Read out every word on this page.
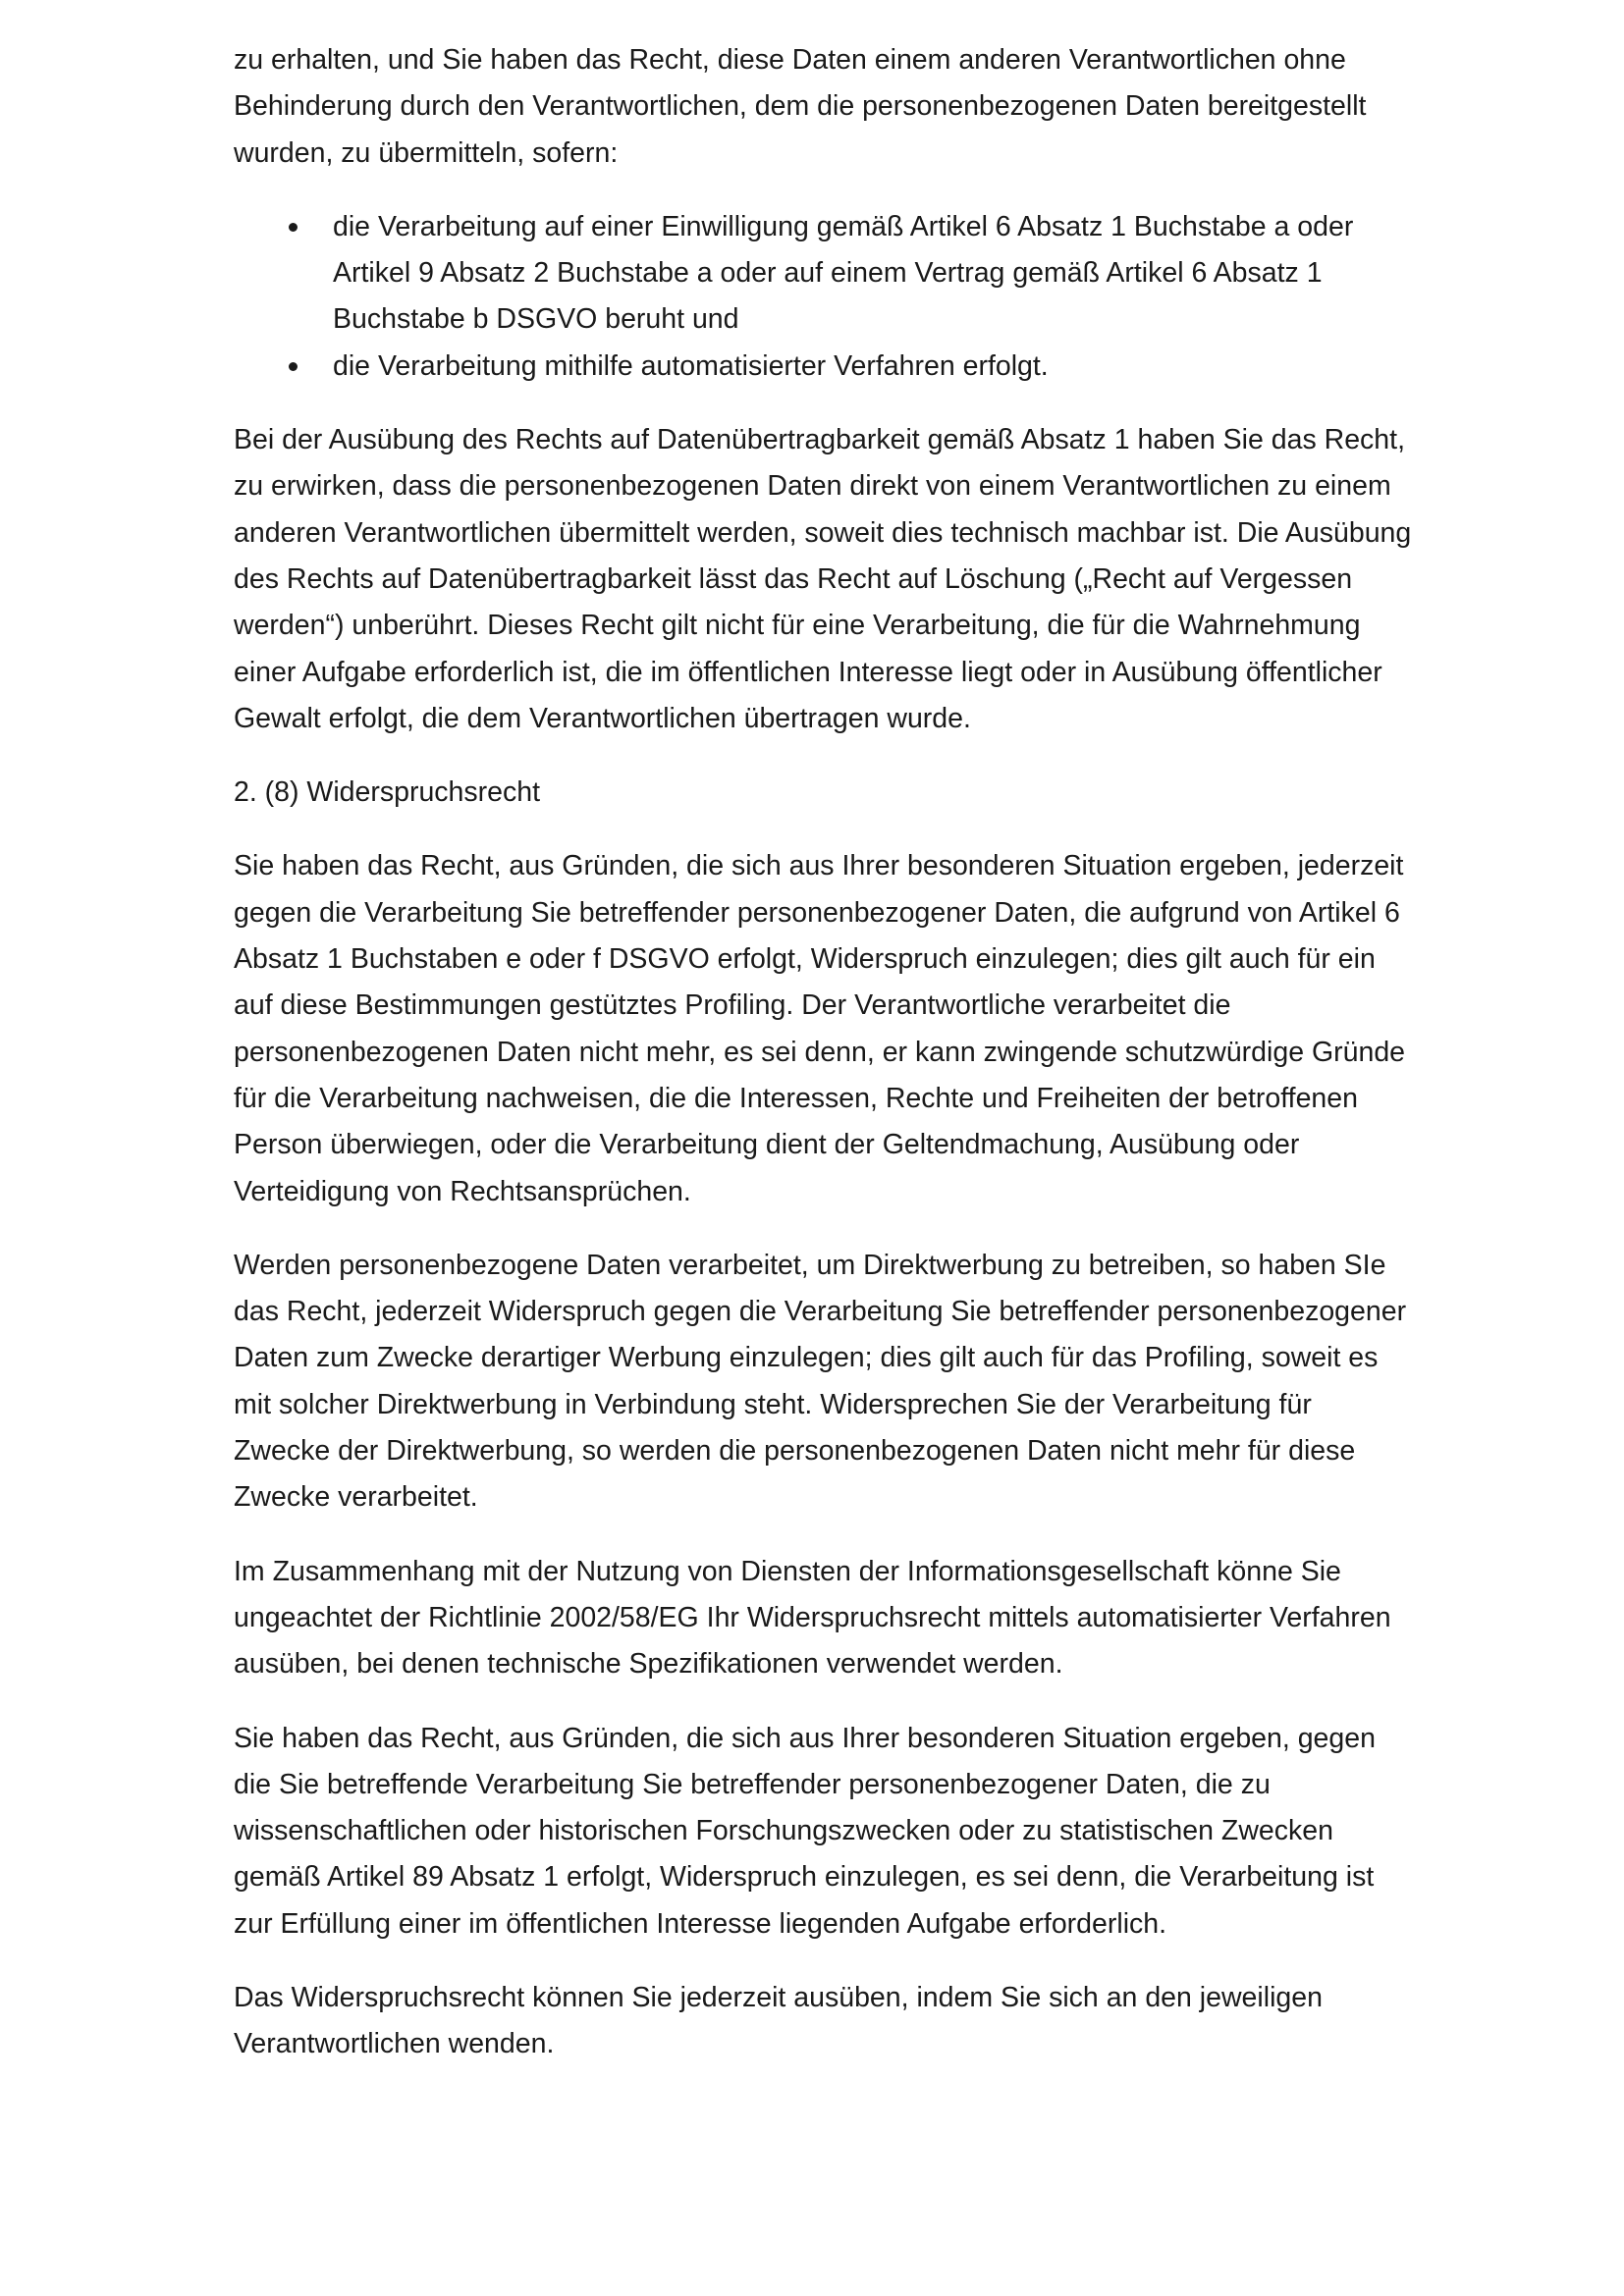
zu erhalten, und Sie haben das Recht, diese Daten einem anderen Verantwortlichen ohne Behinderung durch den Verantwortlichen, dem die personenbezogenen Daten bereitgestellt wurden, zu übermitteln, sofern:

die Verarbeitung auf einer Einwilligung gemäß Artikel 6 Absatz 1 Buchstabe a oder Artikel 9 Absatz 2 Buchstabe a oder auf einem Vertrag gemäß Artikel 6 Absatz 1 Buchstabe b DSGVO beruht und
die Verarbeitung mithilfe automatisierter Verfahren erfolgt.

Bei der Ausübung des Rechts auf Datenübertragbarkeit gemäß Absatz 1 haben Sie das Recht, zu erwirken, dass die personenbezogenen Daten direkt von einem Verantwortlichen zu einem anderen Verantwortlichen übermittelt werden, soweit dies technisch machbar ist. Die Ausübung des Rechts auf Datenübertragbarkeit lässt das Recht auf Löschung („Recht auf Vergessen werden“) unberührt. Dieses Recht gilt nicht für eine Verarbeitung, die für die Wahrnehmung einer Aufgabe erforderlich ist, die im öffentlichen Interesse liegt oder in Ausübung öffentlicher Gewalt erfolgt, die dem Verantwortlichen übertragen wurde.

2. (8) Widerspruchsrecht

Sie haben das Recht, aus Gründen, die sich aus Ihrer besonderen Situation ergeben, jederzeit gegen die Verarbeitung Sie betreffender personenbezogener Daten, die aufgrund von Artikel 6 Absatz 1 Buchstaben e oder f DSGVO erfolgt, Widerspruch einzulegen; dies gilt auch für ein auf diese Bestimmungen gestütztes Profiling. Der Verantwortliche verarbeitet die personenbezogenen Daten nicht mehr, es sei denn, er kann zwingende schutzwürdige Gründe für die Verarbeitung nachweisen, die die Interessen, Rechte und Freiheiten der betroffenen Person überwiegen, oder die Verarbeitung dient der Geltendmachung, Ausübung oder Verteidigung von Rechtsansprüchen.

Werden personenbezogene Daten verarbeitet, um Direktwerbung zu betreiben, so haben SIe das Recht, jederzeit Widerspruch gegen die Verarbeitung Sie betreffender personenbezogener Daten zum Zwecke derartiger Werbung einzulegen; dies gilt auch für das Profiling, soweit es mit solcher Direktwerbung in Verbindung steht. Widersprechen Sie der Verarbeitung für Zwecke der Direktwerbung, so werden die personenbezogenen Daten nicht mehr für diese Zwecke verarbeitet.

Im Zusammenhang mit der Nutzung von Diensten der Informationsgesellschaft könne Sie ungeachtet der Richtlinie 2002/58/EG Ihr Widerspruchsrecht mittels automatisierter Verfahren ausüben, bei denen technische Spezifikationen verwendet werden.

Sie haben das Recht, aus Gründen, die sich aus Ihrer besonderen Situation ergeben, gegen die Sie betreffende Verarbeitung Sie betreffender personenbezogener Daten, die zu wissenschaftlichen oder historischen Forschungszwecken oder zu statistischen Zwecken gemäß Artikel 89 Absatz 1 erfolgt, Widerspruch einzulegen, es sei denn, die Verarbeitung ist zur Erfüllung einer im öffentlichen Interesse liegenden Aufgabe erforderlich.

Das Widerspruchsrecht können Sie jederzeit ausüben, indem Sie sich an den jeweiligen Verantwortlichen wenden.
